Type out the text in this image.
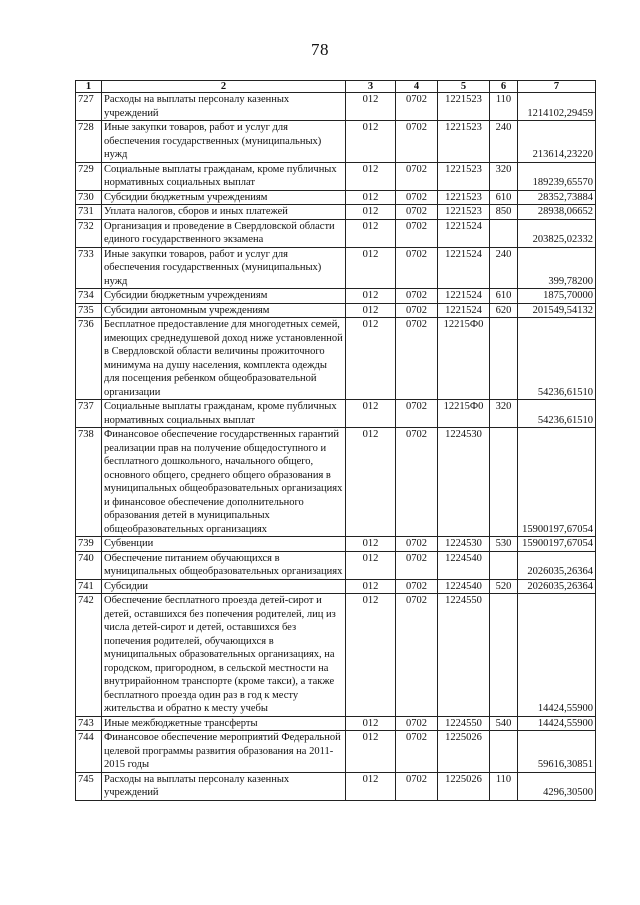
78
1	2	3	4	5	6	7
727	Расходы на выплаты персоналу казенных учреждений	012	0702	1221523	110	1214102,29459
728	Иные закупки товаров, работ и услуг для обеспечения государственных (муниципальных) нужд	012	0702	1221523	240	213614,23220
729	Социальные выплаты гражданам, кроме публичных нормативных социальных выплат	012	0702	1221523	320	189239,65570
730	Субсидии бюджетным учреждениям	012	0702	1221523	610	28352,73884
731	Уплата налогов, сборов и иных платежей	012	0702	1221523	850	28938,06652
732	Организация и проведение в Свердловской области единого государственного экзамена	012	0702	1221524		203825,02332
733	Иные закупки товаров, работ и услуг для обеспечения государственных (муниципальных) нужд	012	0702	1221524	240	399,78200
734	Субсидии бюджетным учреждениям	012	0702	1221524	610	1875,70000
735	Субсидии автономным учреждениям	012	0702	1221524	620	201549,54132
736	Бесплатное предоставление для многодетных семей, имеющих среднедушевой доход ниже установленной в Свердловской области величины прожиточного минимума на душу населения, комплекта одежды для посещения ребенком общеобразовательной организации	012	0702	12215Ф0		54236,61510
737	Социальные выплаты гражданам, кроме публичных нормативных социальных выплат	012	0702	12215Ф0	320	54236,61510
738	Финансовое обеспечение государственных гарантий реализации прав на получение общедоступного и бесплатного дошкольного, начального общего, основного общего, среднего общего образования в муниципальных общеобразовательных организациях и финансовое обеспечение дополнительного образования детей в муниципальных общеобразовательных организациях	012	0702	1224530		15900197,67054
739	Субвенции	012	0702	1224530	530	15900197,67054
740	Обеспечение питанием обучающихся в муниципальных общеобразовательных организациях	012	0702	1224540		2026035,26364
741	Субсидии	012	0702	1224540	520	2026035,26364
742	Обеспечение бесплатного проезда детей-сирот и детей, оставшихся без попечения родителей, лиц из числа детей-сирот и детей, оставшихся без попечения родителей, обучающихся в муниципальных образовательных организациях, на городском, пригородном, в сельской местности на внутрирайонном транспорте (кроме такси), а также бесплатного проезда один раз в год к месту жительства и обратно к месту учебы	012	0702	1224550		14424,55900
743	Иные межбюджетные трансферты	012	0702	1224550	540	14424,55900
744	Финансовое обеспечение мероприятий Федеральной целевой программы развития образования на 2011-2015 годы	012	0702	1225026		59616,30851
745	Расходы на выплаты персоналу казенных учреждений	012	0702	1225026	110	4296,30500
